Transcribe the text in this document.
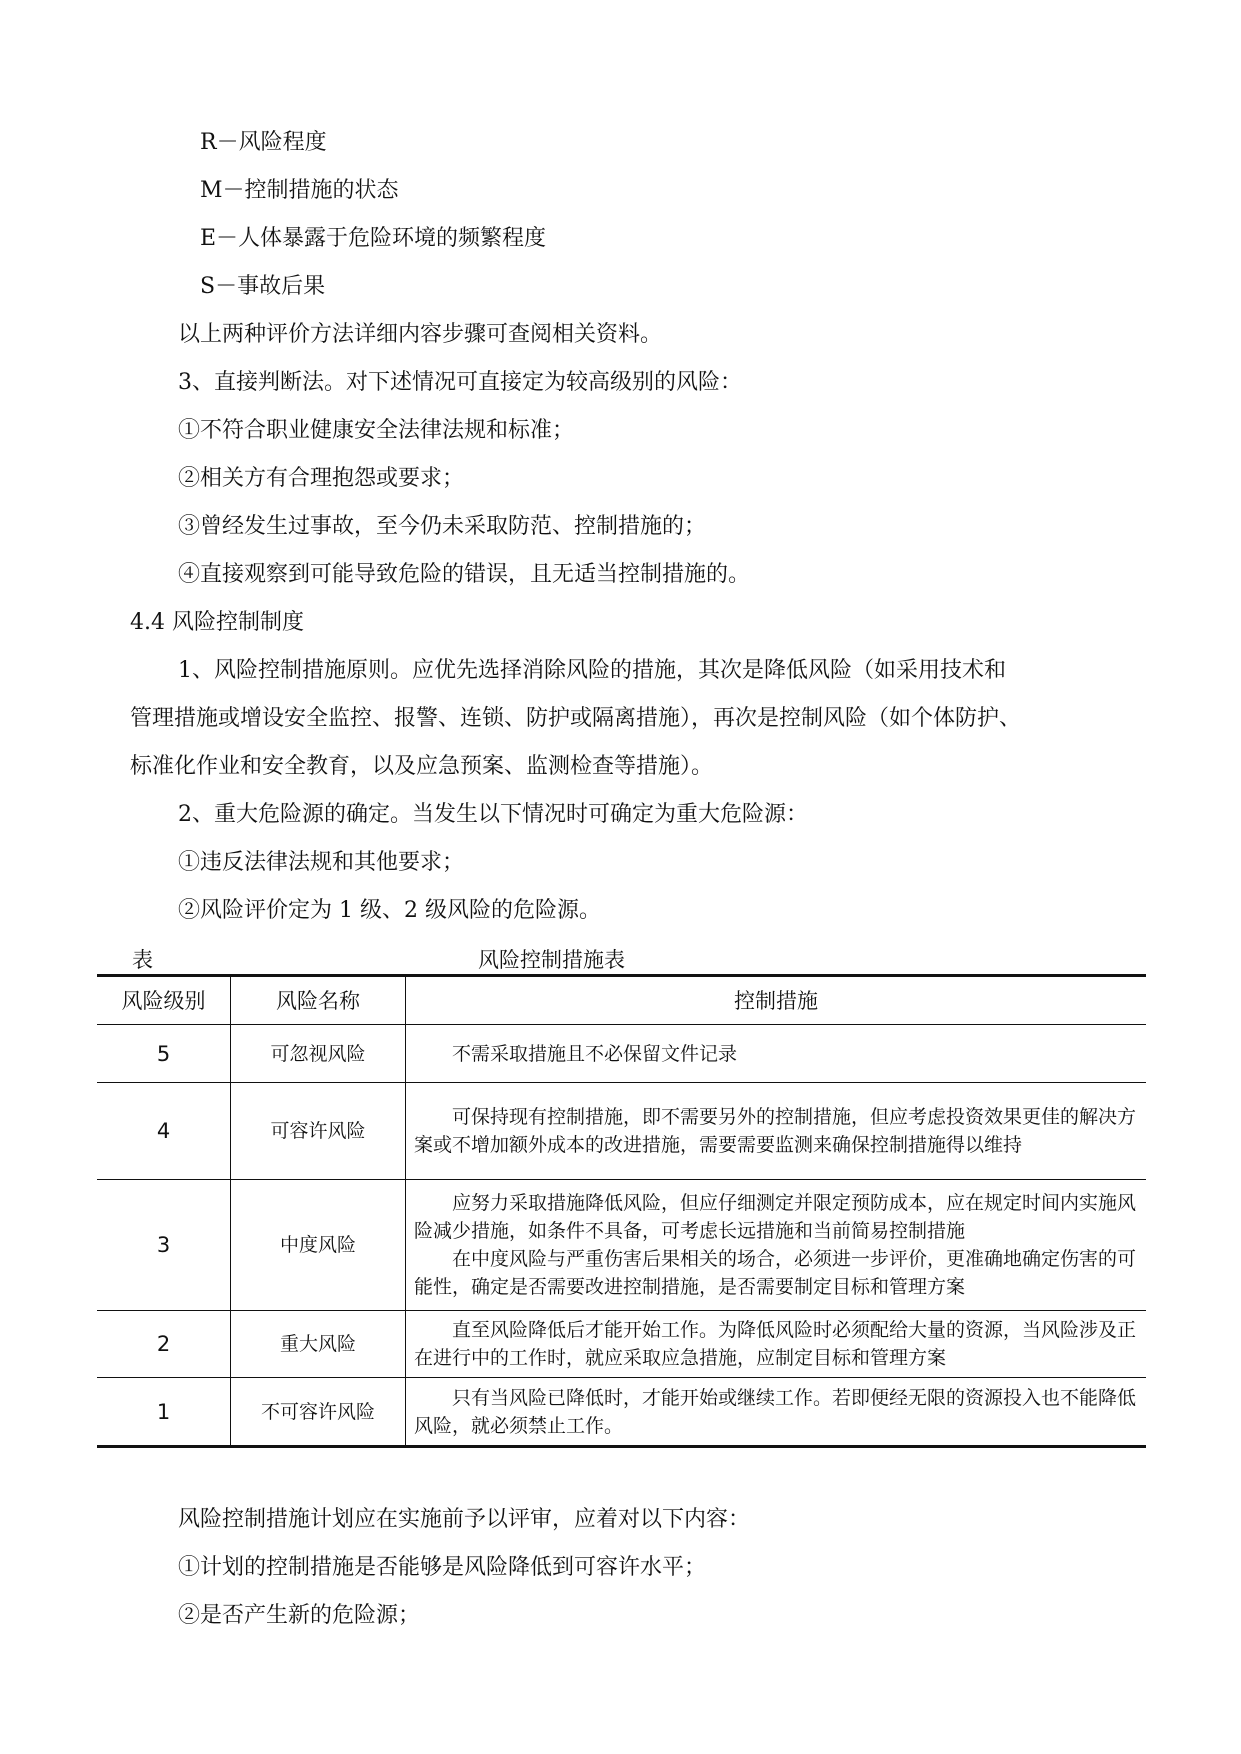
R－风险程度
M－控制措施的状态
E－人体暴露于危险环境的频繁程度
S－事故后果
以上两种评价方法详细内容步骤可查阅相关资料。
3、直接判断法。对下述情况可直接定为较高级别的风险：
①不符合职业健康安全法律法规和标准；
②相关方有合理抱怨或要求；
③曾经发生过事故，至今仍未采取防范、控制措施的；
④直接观察到可能导致危险的错误，且无适当控制措施的。
4.4 风险控制制度
1、风险控制措施原则。应优先选择消除风险的措施，其次是降低风险（如采用技术和
管理措施或增设安全监控、报警、连锁、防护或隔离措施），再次是控制风险（如个体防护、
标准化作业和安全教育，以及应急预案、监测检查等措施）。
2、重大危险源的确定。当发生以下情况时可确定为重大危险源：
①违反法律法规和其他要求；
②风险评价定为 1 级、2 级风险的危险源。
表	风险控制措施表
风险级别	风险名称	控制措施
5	可忽视风险	不需采取措施且不必保留文件记录

4	可容许风险	可保持现有控制措施，即不需要另外的控制措施，但应考虑投资效果更佳的解决方案或不增加额外成本的改进措施，需要需要监测来确保控制措施得以维持

3	中度风险	应努力采取措施降低风险，但应仔细测定并限定预防成本，应在规定时间内实施风险减少措施，如条件不具备，可考虑长远措施和当前简易控制措施

在中度风险与严重伤害后果相关的场合，必须进一步评价，更准确地确定伤害的可能性，确定是否需要改进控制措施，是否需要制定目标和管理方案

2	重大风险	直至风险降低后才能开始工作。为降低风险时必须配给大量的资源，当风险涉及正在进行中的工作时，就应采取应急措施，应制定目标和管理方案

1	不可容许风险	只有当风险已降低时，才能开始或继续工作。若即便经无限的资源投入也不能降低风险，就必须禁止工作。

风险控制措施计划应在实施前予以评审，应着对以下内容：
①计划的控制措施是否能够是风险降低到可容许水平；
②是否产生新的危险源；
